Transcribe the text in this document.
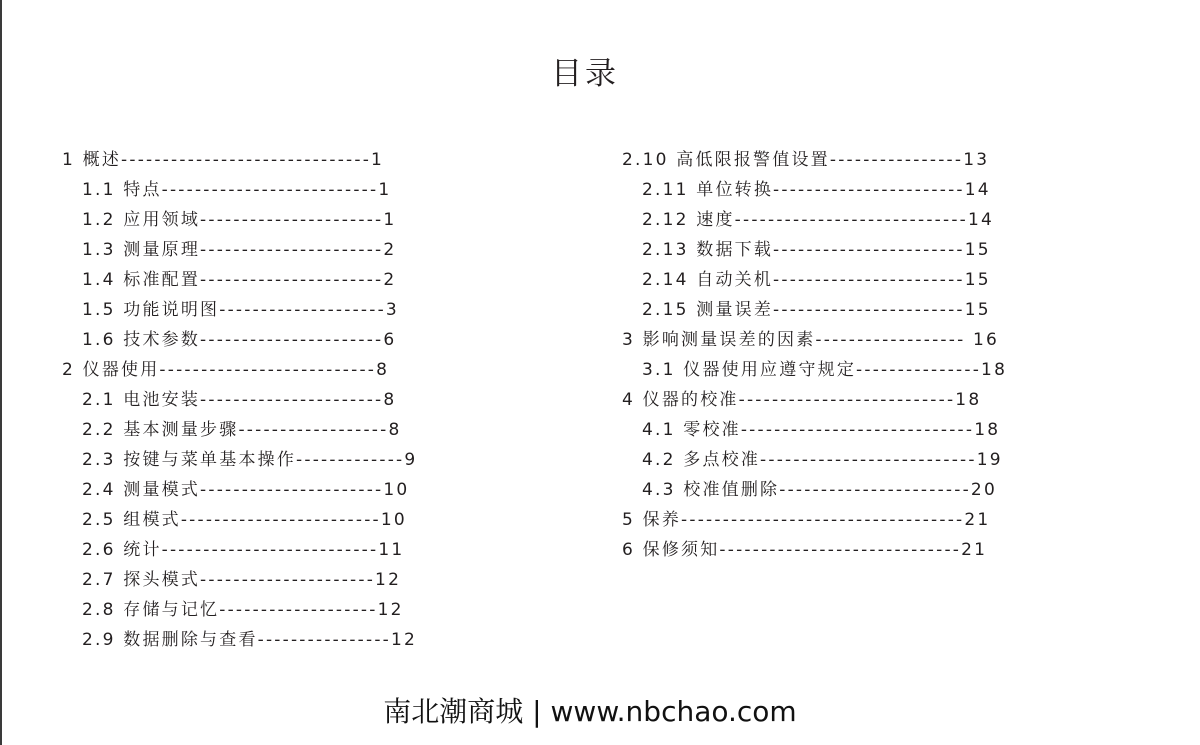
目录
1 概述------------------------------1
1.1 特点--------------------------1
1.2 应用领域----------------------1
1.3 测量原理----------------------2
1.4 标准配置----------------------2
1.5 功能说明图--------------------3
1.6 技术参数----------------------6
2 仪器使用--------------------------8
2.1 电池安装----------------------8
2.2 基本测量步骤------------------8
2.3 按键与菜单基本操作-------------9
2.4 测量模式----------------------10
2.5 组模式------------------------10
2.6 统计--------------------------11
2.7 探头模式---------------------12
2.8 存储与记忆-------------------12
2.9 数据删除与查看----------------12
2.10 高低限报警值设置----------------13
2.11 单位转换-----------------------14
2.12 速度----------------------------14
2.13 数据下载-----------------------15
2.14 自动关机-----------------------15
2.15 测量误差-----------------------15
3 影响测量误差的因素------------------ 16
3.1 仪器使用应遵守规定---------------18
4 仪器的校准--------------------------18
4.1 零校准----------------------------18
4.2 多点校准--------------------------19
4.3 校准值删除-----------------------20
5 保养----------------------------------21
6 保修须知-----------------------------21
南北潮商城 | www.nbchao.com
